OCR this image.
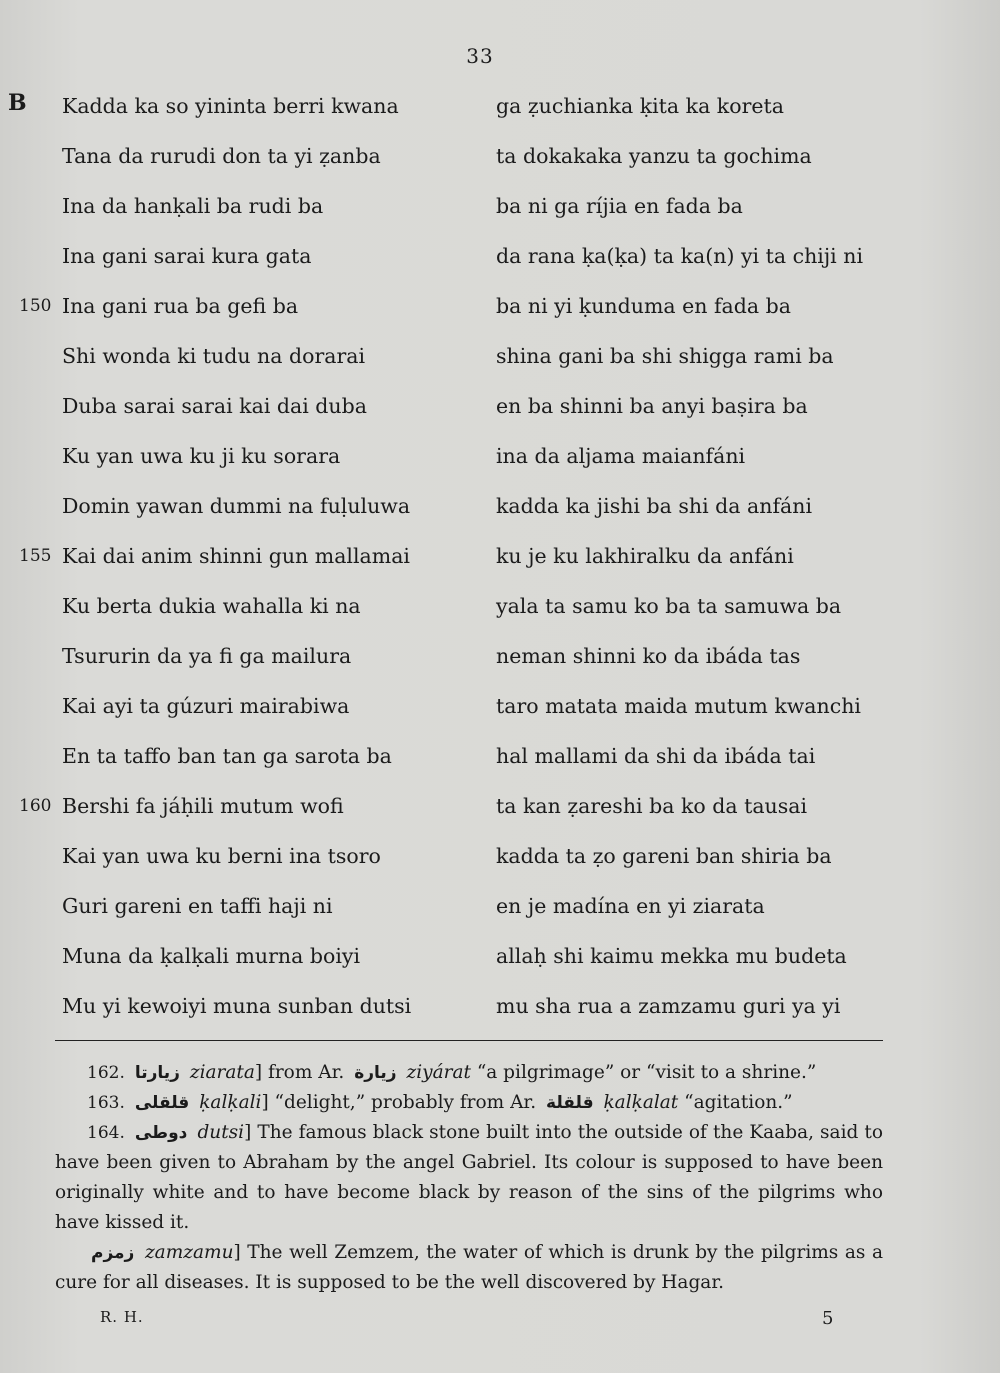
33
B Kadda ka so yininta berri kwana
Tana da rurudi don ta yi ẓanba
Ina da hanḳali ba rudi ba
Ina gani sarai kura gata
150 Ina gani rua ba gefi ba
Shi wonda ki tudu na dorarai
Duba sarai sarai kai dai duba
Ku yan uwa ku ji ku sorara
Domin yawan dummi na fuḷuluwa
155 Kai dai anim shinni gun mallamai
Ku berta dukia wahalla ki na
Tsururin da ya fi ga mailura
Kai ayi ta gúzuri mairabiwa
En ta taffo ban tan ga sarota ba
160 Bershi fa jáḥili mutum wofi
Kai yan uwa ku berni ina tsoro
Guri gareni en taffi haji ni
Muna da ḳalḳali murna boiyi
Mu yi kewoiyi muna sunban dutsi
ga ẓuchianka ḳita ka koreta
ta dokakaka yanzu ta gochima
ba ni ga ríjia en fada ba
da rana ḳa(ḳa) ta ka(n) yi ta chiji ni
ba ni yi ḳunduma en fada ba
shina gani ba shi shigga rami ba
en ba shinni ba anyi baṣira ba
ina da aljama maianfáni
kadda ka jishi ba shi da anfáni
ku je ku lakhiralku da anfáni
yala ta samu ko ba ta samuwa ba
neman shinni ko da ibáda tas
taro matata maida mutum kwanchi
hal mallami da shi da ibáda tai
ta kan ẓareshi ba ko da tausai
kadda ta ẓo gareni ban shiria ba
en je madína en yi ziarata
allaḥ shi kaimu mekka mu budeta
mu sha rua a zamzamu guri ya yi
162. زيارتا ziarata] from Ar. زيارة ziyárat “a pilgrimage” or “visit to a shrine.”
163. قلقلى ḳalḳali] “delight,” probably from Ar. قلقلة ḳalḳalat “agitation.”
164. دوطى dutsi] The famous black stone built into the outside of the Kaaba, said to have been given to Abraham by the angel Gabriel. Its colour is supposed to have been originally white and to have become black by reason of the sins of the pilgrims who have kissed it.
زمزم zamzamu] The well Zemzem, the water of which is drunk by the pilgrims as a cure for all diseases. It is supposed to be the well discovered by Hagar.
R. H.	5
